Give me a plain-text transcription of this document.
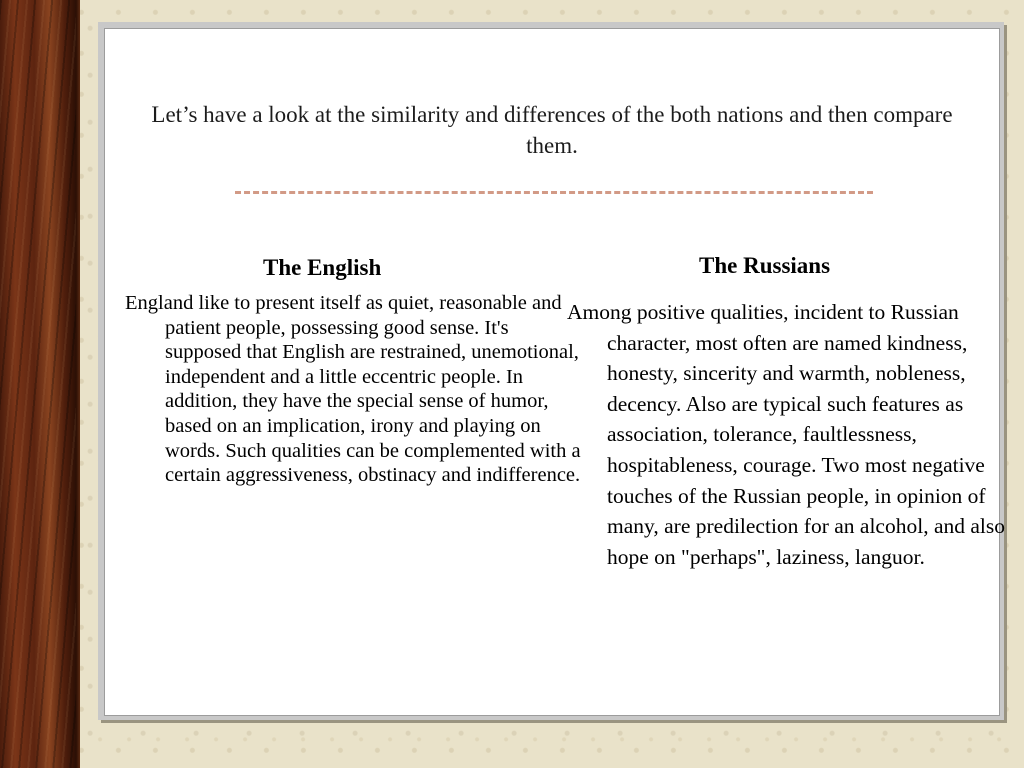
Let’s have a look at the similarity and differences of the both nations and then compare them.
The English

England like to present itself as quiet, reasonable and patient people, possessing good sense. It's supposed that English are restrained, unemotional, independent and a little eccentric people. In addition, they have the special sense of humor, based on an implication, irony and playing on words. Such qualities can be complemented with a certain aggressiveness, obstinacy and indifference.

The Russians

Among positive qualities, incident to Russian character, most often are named kindness, honesty, sincerity and warmth, nobleness, decency. Also are typical such features as association, tolerance, faultlessness, hospitableness, courage. Two most negative touches of the Russian people, in opinion of many, are predilection for an alcohol, and also hope on "perhaps", laziness, languor.
